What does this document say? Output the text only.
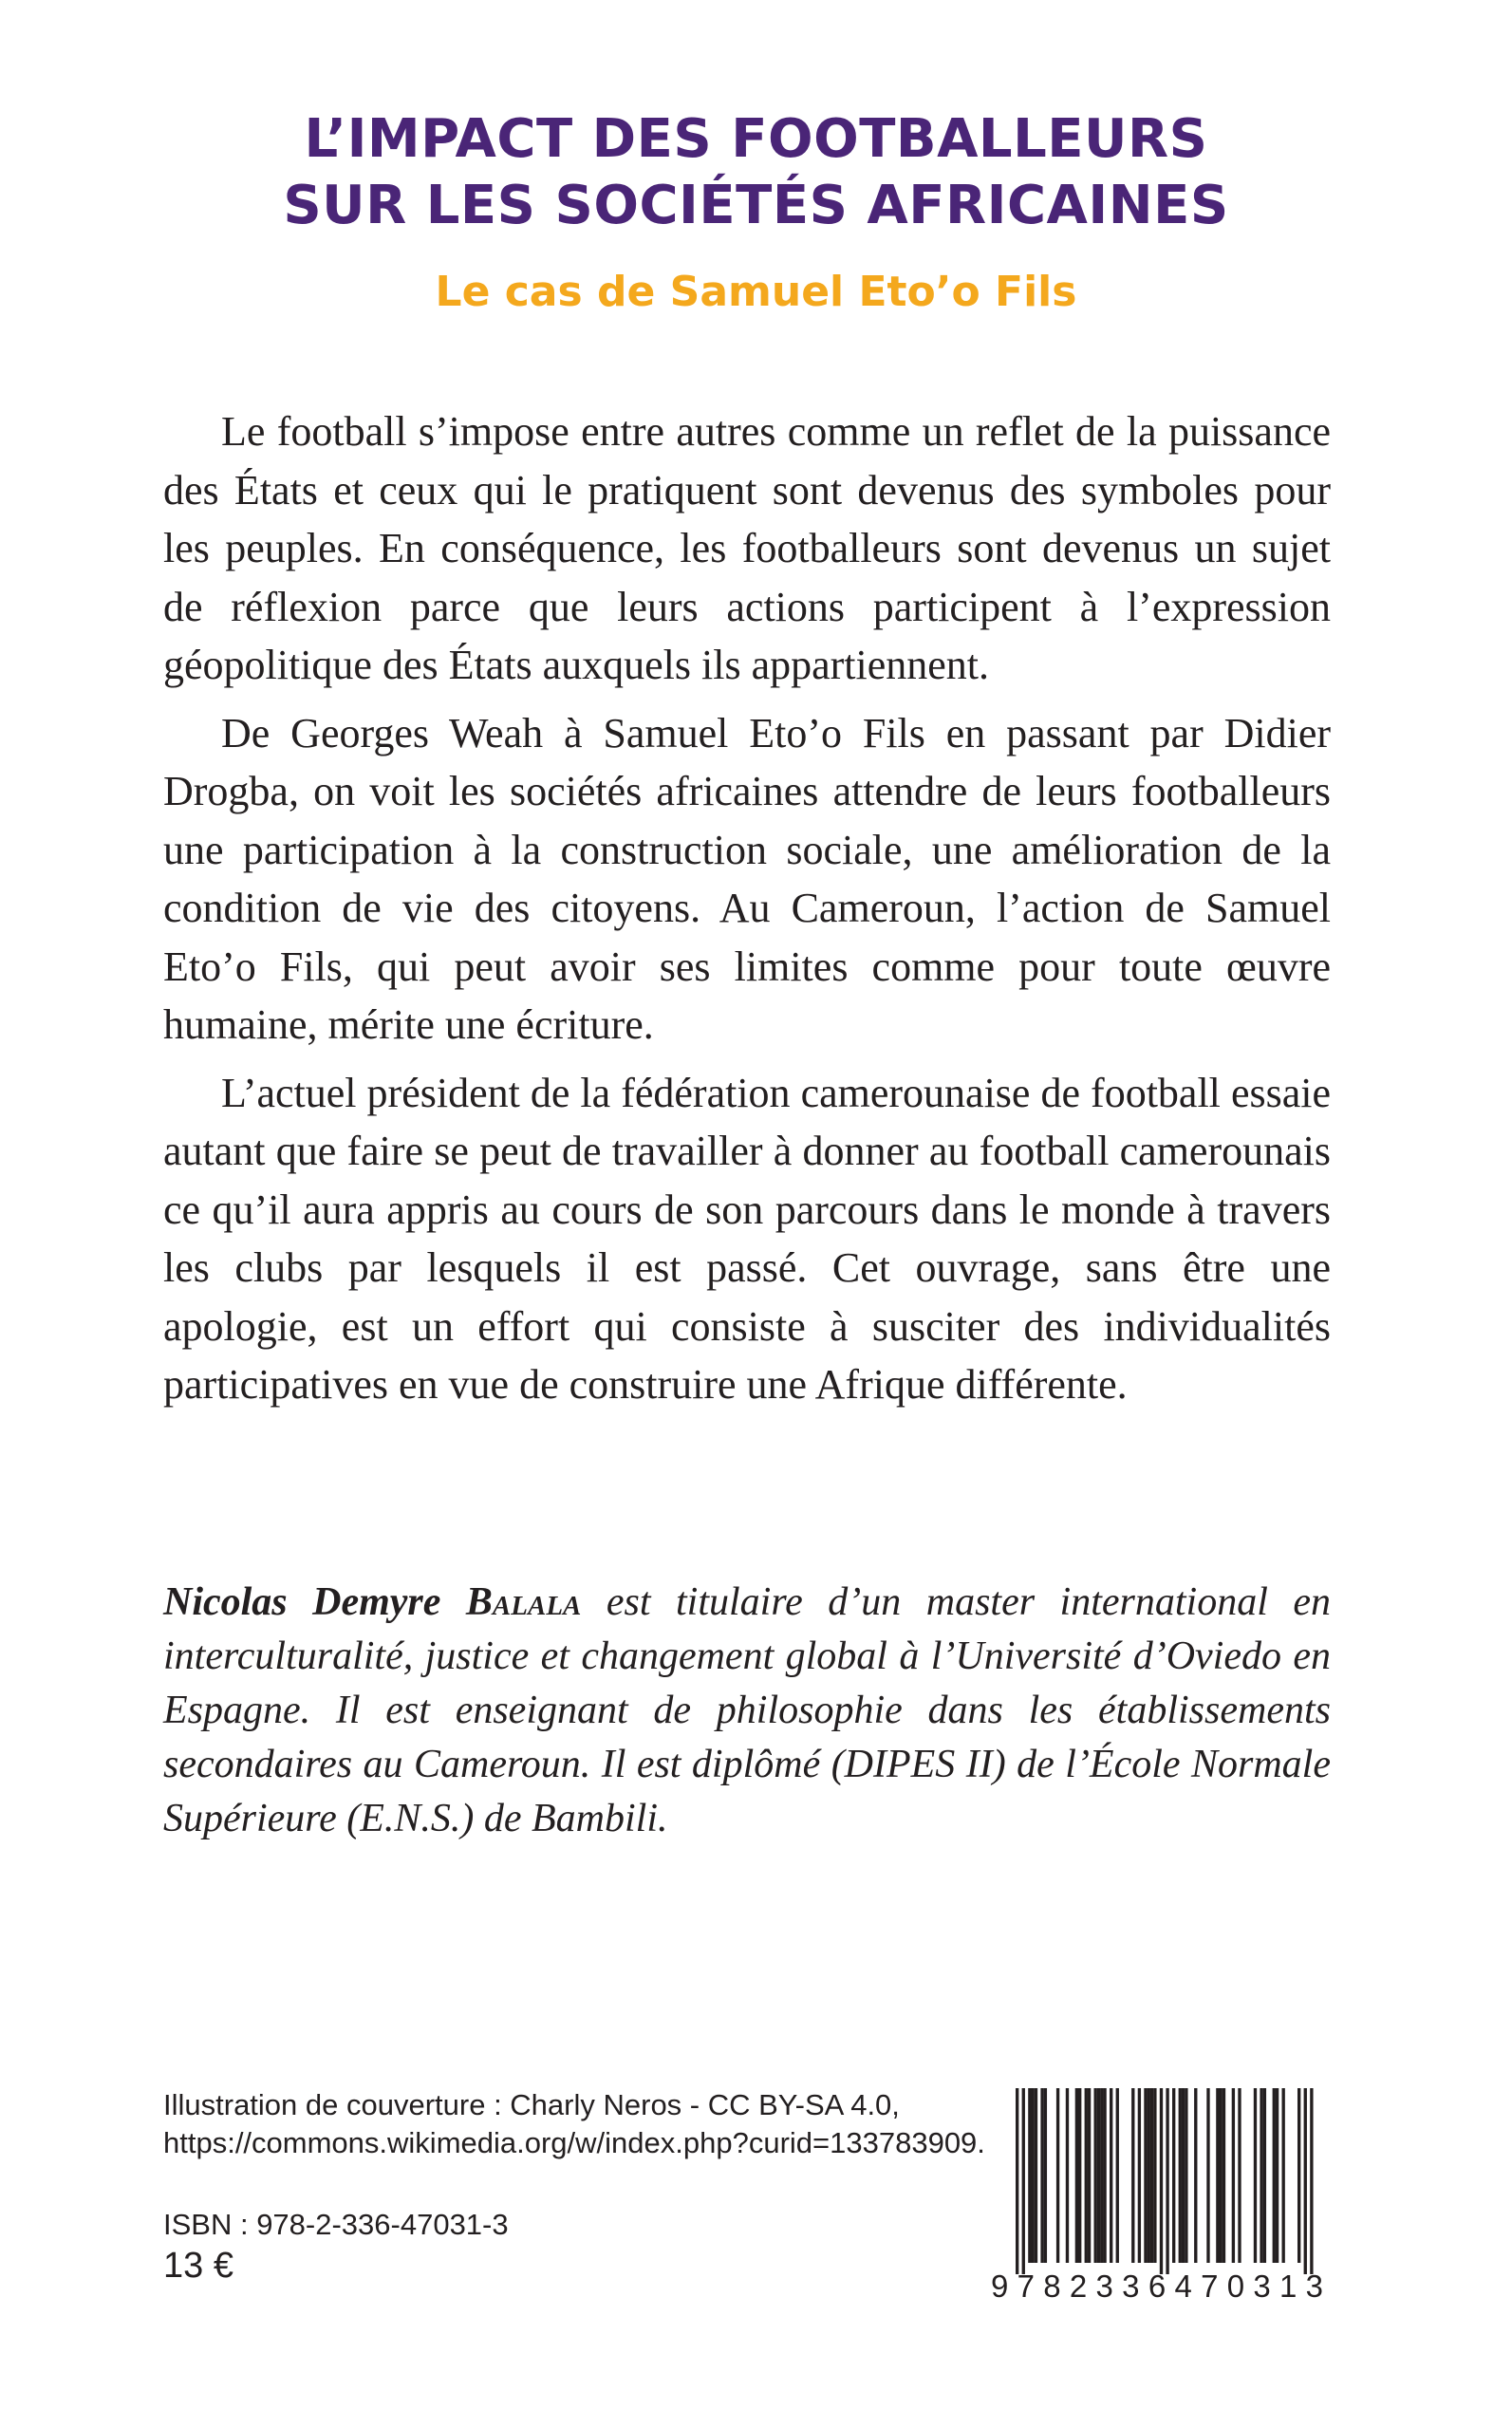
L’IMPACT DES FOOTBALLEURS
SUR LES SOCIÉTÉS AFRICAINES
Le cas de Samuel Eto’o Fils

Le football s’impose entre autres comme un reflet de la puissance des États et ceux qui le pratiquent sont devenus des symboles pour les peuples. En conséquence, les footballeurs sont devenus un sujet de réflexion parce que leurs actions participent à l’expression géopolitique des États auxquels ils appartiennent.

De Georges Weah à Samuel Eto’o Fils en passant par Didier Drogba, on voit les sociétés africaines attendre de leurs footballeurs une participation à la construction sociale, une amélioration de la condition de vie des citoyens. Au Cameroun, l’action de Samuel Eto’o Fils, qui peut avoir ses limites comme pour toute œuvre humaine, mérite une écriture.

L’actuel président de la fédération camerounaise de football essaie autant que faire se peut de travailler à donner au football camerounais ce qu’il aura appris au cours de son parcours dans le monde à travers les clubs par lesquels il est passé. Cet ouvrage, sans être une apologie, est un effort qui consiste à susciter des individualités participatives en vue de construire une Afrique différente.

Nicolas Demyre Balala est titulaire d’un master international en interculturalité, justice et changement global à l’Université d’Oviedo en Espagne. Il est enseignant de philosophie dans les établissements secondaires au Cameroun. Il est diplômé (DIPES II) de l’École Normale Supérieure (E.N.S.) de Bambili.
Illustration de couverture : Charly Neros - CC BY-SA 4.0,
https://commons.wikimedia.org/w/index.php?curid=133783909.
ISBN : 978-2-336-47031-3
13 €
9782336470313
